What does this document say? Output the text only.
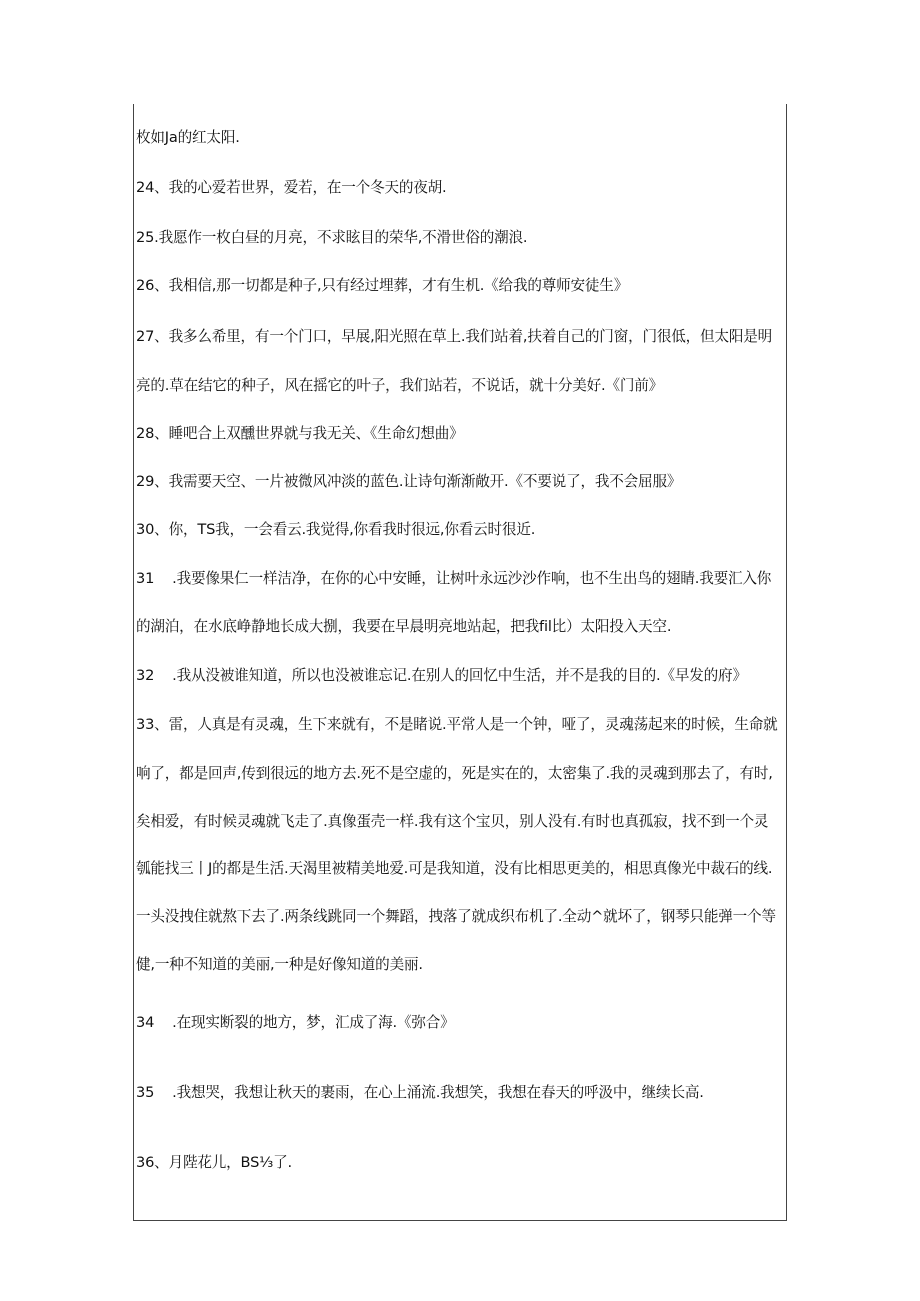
枚如Ja的红太阳.
24、我的心爱若世界，爱若，在一个冬天的夜胡.
25.我愿作一枚白昼的月亮，不求眩目的荣华,不滑世俗的潮浪.
26、我相信,那一切都是种子,只有经过埋葬，才有生机.《给我的尊师安徒生》
27、我多么希里，有一个门口，早展,阳光照在草上.我们站着,扶着自己的门窗，门很低，但太阳是明
亮的.草在结它的种子，风在摇它的叶子，我们站若，不说话，就十分美好.《门前》
28、睡吧合上双醺世界就与我无关、《生命幻想曲》
29、我需要天空、一片被微风冲淡的蓝色.让诗句渐渐敞开.《不要说了，我不会屈服》
30、你，TS我，一会看云.我觉得,你看我时很远,你看云时很近.
31 .我要像果仁一样洁净，在你的心中安睡，让树叶永远沙沙作响，也不生出鸟的翅睛.我要汇入你
的湖泊，在水底峥静地长成大捌，我要在早晨明亮地站起，把我fil比）太阳投入天空.
32 .我从没被谁知道，所以也没被谁忘记.在别人的回忆中生活，并不是我的目的.《早发的府》
33、雷，人真是有灵魂，生下来就有，不是睹说.平常人是一个钟，哑了，灵魂荡起来的时候，生命就
响了，都是回声,传到很远的地方去.死不是空虚的，死是实在的，太密集了.我的灵魂到那去了，有时,
矣相爱，有时候灵魂就飞走了.真像蛋壳一样.我有这个宝贝，别人没有.有时也真孤寂，找不到一个灵
瓠能找三丨J的都是生活.天渴里被精美地爱.可是我知道，没有比相思更美的，相思真像光中裁石的线.
一头没拽住就熬下去了.两条线跳同一个舞蹈，拽落了就成织布机了.全动^就坏了，钢琴只能弹一个等
健,一种不知道的美丽,一种是好像知道的美丽.
34 .在现实断裂的地方，梦，汇成了海.《弥合》
35 .我想哭，我想让秋天的裹雨，在心上涌流.我想笑，我想在春天的呼汲中，继续长高.
36、月陛花儿，BS⅓了.
